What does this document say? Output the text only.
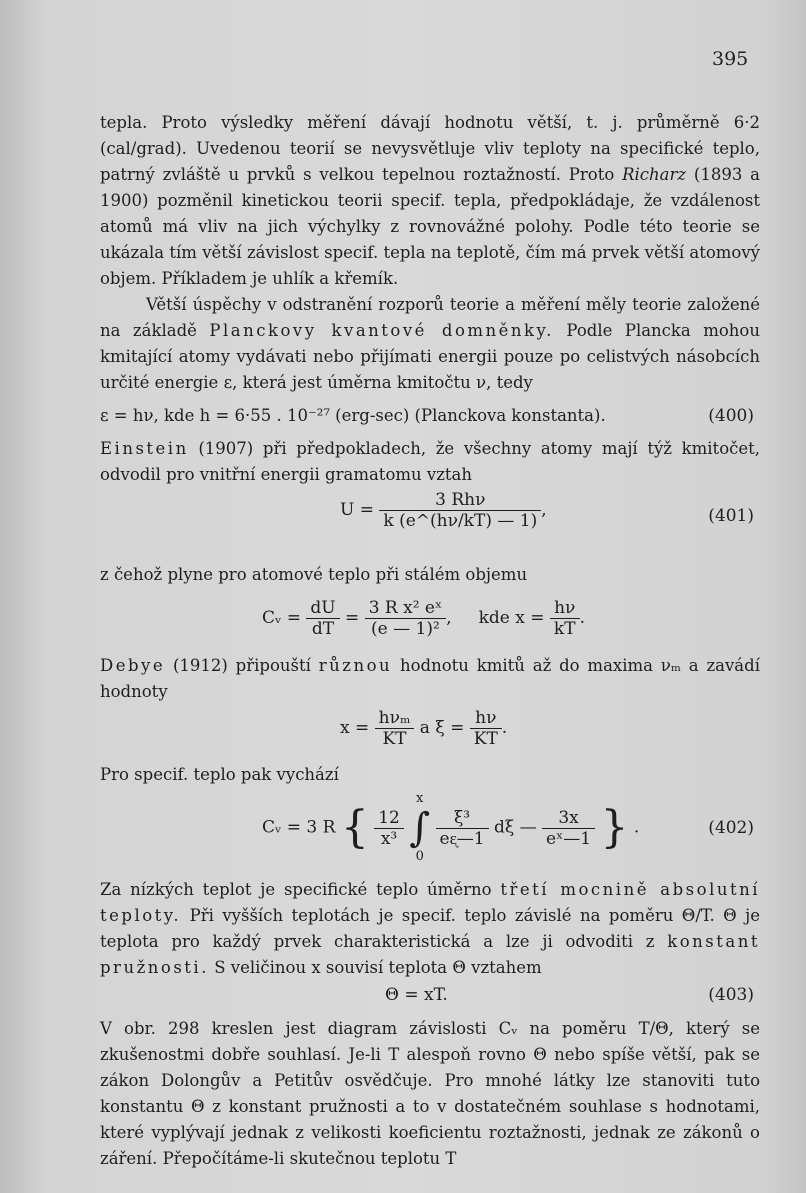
395

tepla. Proto výsledky měření dávají hodnotu větší, t. j. průměrně 6·2 (cal/grad). Uvedenou teorií se nevysvětluje vliv teploty na specifické teplo, patrný zvláště u prvků s velkou tepelnou roztažností. Proto Richarz (1893 a 1900) pozměnil kinetickou teorii specif. tepla, předpokládaje, že vzdálenost atomů má vliv na jich výchylky z rovnovážné polohy. Podle této teorie se ukázala tím větší závislost specif. tepla na teplotě, čím má prvek větší atomový objem. Příkladem je uhlík a křemík.

Větší úspěchy v odstranění rozporů teorie a měření měly teorie založené na základě Planckovy kvantové domněnky. Podle Plancka mohou kmitající atomy vydávati nebo přijímati energii pouze po celistvých násobcích určité energie ε, která jest úměrna kmitočtu ν, tedy

ε = hν, kde h = 6·55 . 10⁻²⁷ (erg-sec) (Planckova konstanta).	(400)

Einstein (1907) při předpokladech, že všechny atomy mají týž kmitočet, odvodil pro vnitřní energii gramatomu vztah

$U = \frac{\text{3 Rhν}}{k (e\^{}(h\nu/kT) — 1)}$ ,	(401)
z čehož plyne pro atomové teplo při stálém objemu
Cᵥ = $\frac{dU}{dT} = \frac{\text{3 R x² eˣ}}{\text{(e — 1)²}}$ ,     kde $x = \frac{h\nu}{kT}$ .

Debye (1912) připouští různou hodnotu kmitů až do maxima νₘ a zavádí hodnoty

$x = \frac{\text{hνₘ}}{KT}$ a $\xi = \frac{h\nu}{KT}$ .
Pro specif. teplo pak vychází
Cᵥ = 3 R { $\frac{12}{\text{x³}}$

x
∫
0

$\frac{\text{ξ³}}{\text{eᶓ—1}}$ dξ — $\frac{3x}{\text{eˣ—1}}$ } .	(402)

Za nízkých teplot je specifické teplo úměrno třetí mocnině absolutní teploty. Při vyšších teplotách je specif. teplo závislé na poměru Θ/T. Θ je teplota pro každý prvek charakteristická a lze ji odvoditi z konstant pružnosti. S veličinou x souvisí teplota Θ vztahem

Θ = xT.	(403)

V obr. 298 kreslen jest diagram závislosti Cᵥ na poměru T/Θ, který se zkušenostmi dobře souhlasí. Je-li T alespoň rovno Θ nebo spíše větší, pak se zákon Dolongův a Petitův osvědčuje. Pro mnohé látky lze stanoviti tuto konstantu Θ z konstant pružnosti a to v dostatečném souhlase s hodnotami, které vyplývají jednak z velikosti koeficientu roztažnosti, jednak ze zákonů o záření. Přepočítáme-li skutečnou teplotu T
